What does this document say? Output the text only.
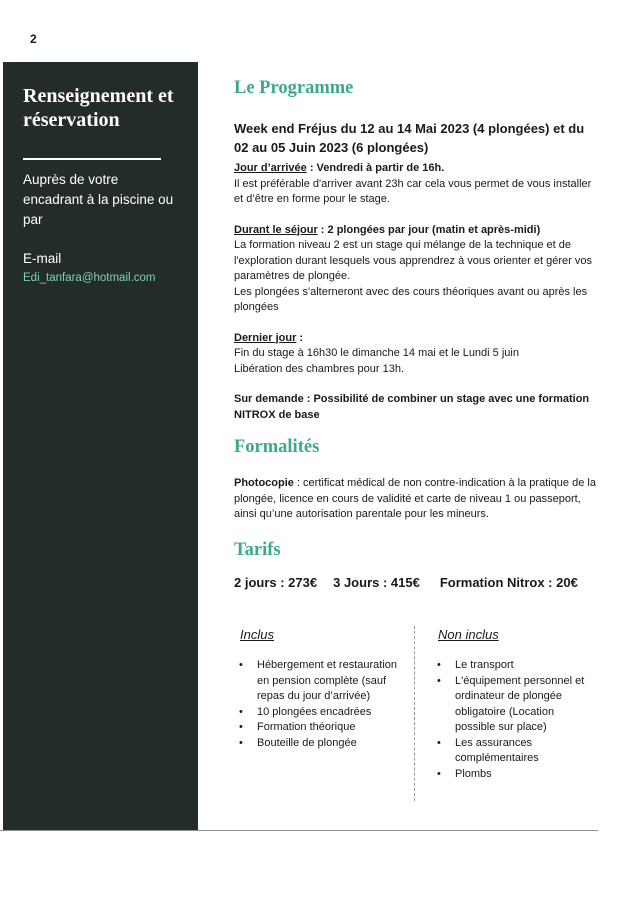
2
Renseignement et réservation
Auprès de votre encadrant à la piscine ou par
E-mail
Edi_tanfara@hotmail.com
Le Programme
Week end Fréjus du 12 au 14 Mai 2023 (4 plongées) et du 02 au 05 Juin 2023 (6 plongées)

Jour d’arrivée : Vendredi à partir de 16h.

Il est préférable d'arriver avant 23h car cela vous permet de vous installer et d’être en forme pour le stage.

Durant le séjour : 2 plongées par jour (matin et après-midi)

La formation niveau 2 est un stage qui mélange de la technique et de l'exploration durant lesquels vous apprendrez à vous orienter et gérer vos paramètres de plongée.

Les plongées s'alterneront avec des cours théoriques avant ou après les plongées

Dernier jour :

Fin du stage à 16h30 le dimanche 14 mai et le Lundi 5 juin

Libération des chambres pour 13h.

Sur demande : Possibilité de combiner un stage avec une formation NITROX de base

Formalités

Photocopie : certificat médical de non contre-indication à la pratique de la plongée, licence en cours de validité et carte de niveau 1 ou passeport, ainsi qu’une autorisation parentale pour les mineurs.

Tarifs
2 jours : 273€ 3 Jours : 415€ Formation Nitrox : 20€
Inclus
• Hébergement et restauration en pension complète (sauf repas du jour d’arrivée)
• 10 plongées encadrées
• Formation théorique
• Bouteille de plongée
Non inclus
• Le transport
• L'équipement personnel et ordinateur de plongée obligatoire (Location possible sur place)
• Les assurances complémentaires
• Plombs
